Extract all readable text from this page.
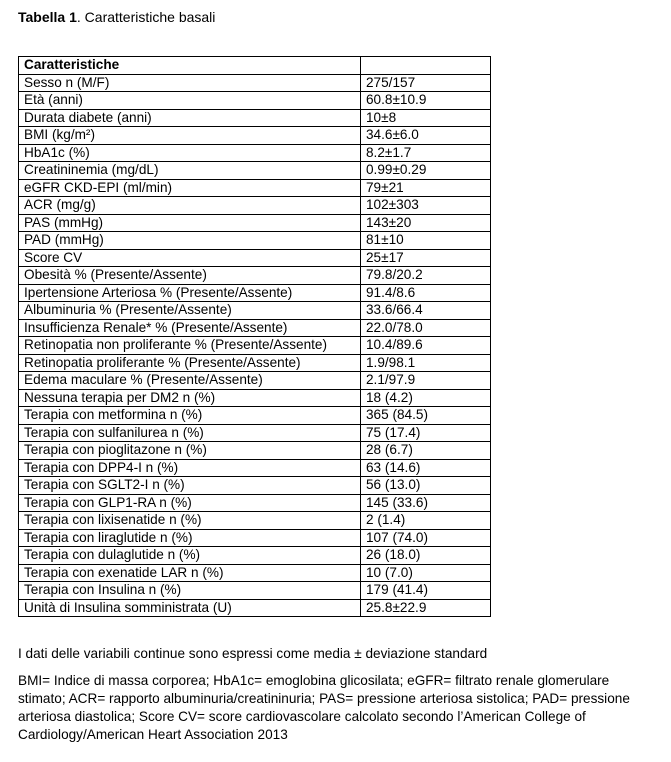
Tabella 1. Caratteristiche basali
Caratteristiche	
Sesso n (M/F)	275/157
Età (anni)	60.8±10.9
Durata diabete (anni)	10±8
BMI (kg/m²)	34.6±6.0
HbA1c (%)	8.2±1.7
Creatininemia (mg/dL)	0.99±0.29
eGFR CKD-EPI (ml/min)	79±21
ACR (mg/g)	102±303
PAS (mmHg)	143±20
PAD (mmHg)	81±10
Score CV	25±17
Obesità % (Presente/Assente)	79.8/20.2
Ipertensione Arteriosa % (Presente/Assente)	91.4/8.6
Albuminuria % (Presente/Assente)	33.6/66.4
Insufficienza Renale* % (Presente/Assente)	22.0/78.0
Retinopatia non proliferante % (Presente/Assente)	10.4/89.6
Retinopatia proliferante % (Presente/Assente)	1.9/98.1
Edema maculare % (Presente/Assente)	2.1/97.9
Nessuna terapia per DM2 n (%)	18 (4.2)
Terapia con metformina n (%)	365 (84.5)
Terapia con sulfanilurea n (%)	75 (17.4)
Terapia con pioglitazone n (%)	28 (6.7)
Terapia con DPP4-I n (%)	63 (14.6)
Terapia con SGLT2-I n (%)	56 (13.0)
Terapia con GLP1-RA n (%)	145 (33.6)
Terapia con lixisenatide n (%)	2 (1.4)
Terapia con liraglutide n (%)	107 (74.0)
Terapia con dulaglutide n (%)	26 (18.0)
Terapia con exenatide LAR n (%)	10 (7.0)
Terapia con Insulina n (%)	179 (41.4)
Unità di Insulina somministrata (U)	25.8±22.9
I dati delle variabili continue sono espressi come media ± deviazione standard
BMI= Indice di massa corporea; HbA1c= emoglobina glicosilata; eGFR= filtrato renale glomerulare stimato; ACR= rapporto albuminuria/creatininuria; PAS= pressione arteriosa sistolica; PAD= pressione arteriosa diastolica; Score CV= score cardiovascolare calcolato secondo l’American College of Cardiology/American Heart Association 2013
